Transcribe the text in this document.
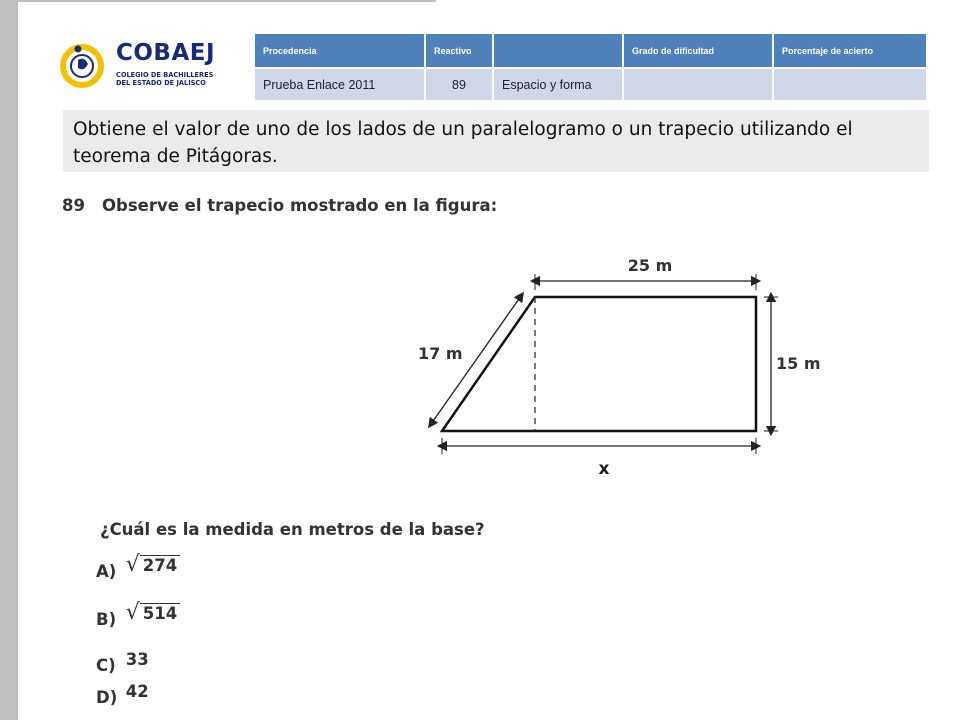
COBAEJ
COLEGIO DE BACHILLERES DEL ESTADO DE JALISCO
Procedencia	Reactivo		Grado de dificultad	Porcentaje de acierto
Prueba Enlace 2011	89	Espacio y forma		
Obtiene el valor de uno de los lados de un paralelogramo o un trapecio utilizando el teorema de Pitágoras.
89 Observe el trapecio mostrado en la figura:
25 m
17 m
15 m
x
¿Cuál es la medida en metros de la base?
A) √ 274
B) √ 514
C) 33
D) 42
